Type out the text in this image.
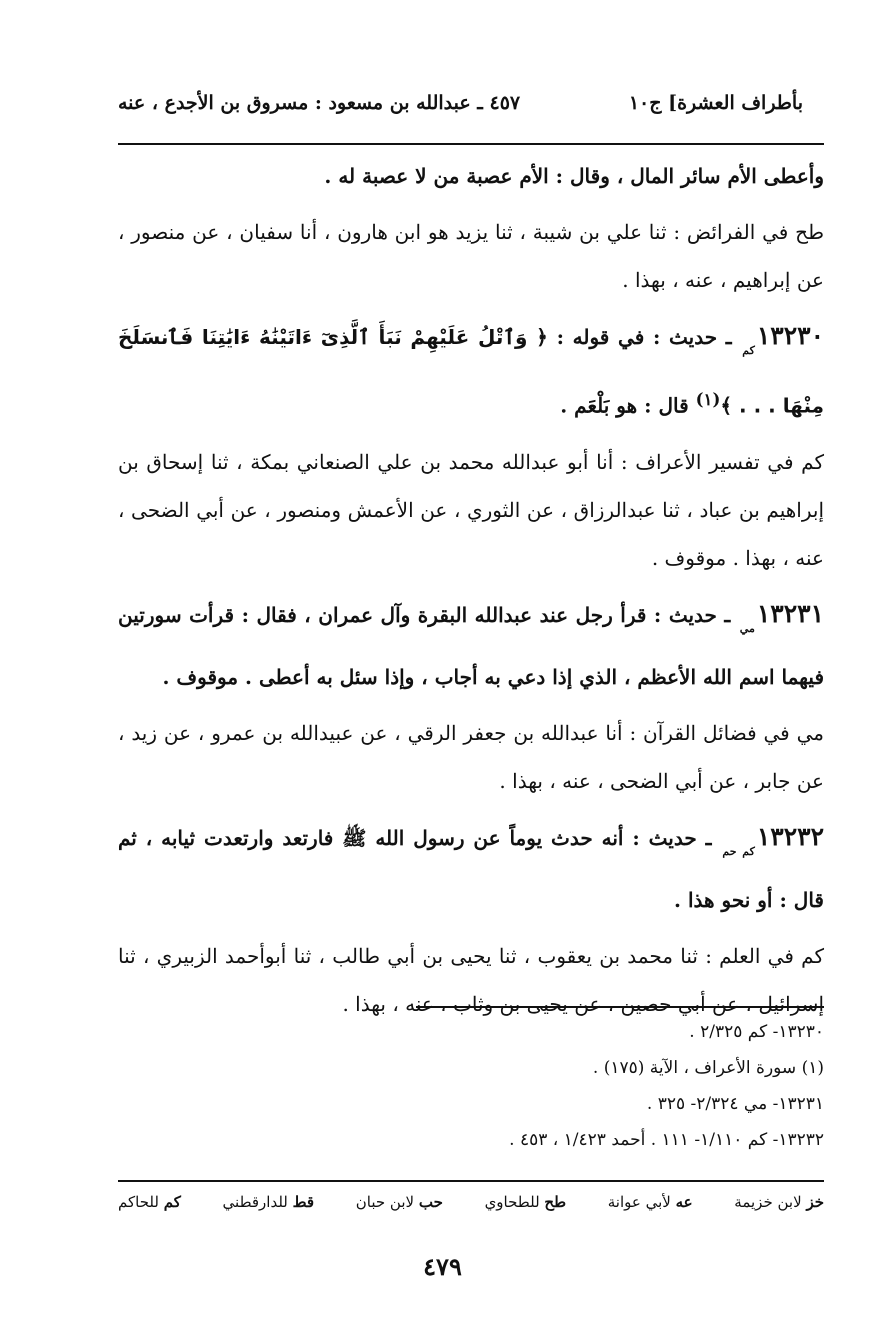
بأطراف العشرة] ج١٠
٤٥٧ ـ عبدالله بن مسعود : مسروق بن الأجدع ، عنه

وأعطى الأم سائر المال ، وقال : الأم عصبة من لا عصبة له .

طح في الفرائض : ثنا علي بن شيبة ، ثنا يزيد هو ابن هارون ، أنا سفيان ، عن منصور ، عن إبراهيم ، عنه ، بهذا .

$١٣٢٣٠_{كم}$ ـ حديث : في قوله : ﴿ وَٱتْلُ عَلَيْهِمْ نَبَأَ ٱلَّذِىٓ ءَاتَيْنَٰهُ ءَايَٰتِنَا فَٱنسَلَخَ مِنْهَا . . . ﴾$^{(١)}$ قال : هو بَلْعَم .

كم في تفسير الأعراف : أنا أبو عبدالله محمد بن علي الصنعاني بمكة ، ثنا إسحاق بن إبراهيم بن عباد ، ثنا عبدالرزاق ، عن الثوري ، عن الأعمش ومنصور ، عن أبي الضحى ، عنه ، بهذا . موقوف .

$١٣٢٣١_{مي}$ ـ حديث : قرأ رجل عند عبدالله البقرة وآل عمران ، فقال : قرأت سورتين فيهما اسم الله الأعظم ، الذي إذا دعي به أجاب ، وإذا سئل به أعطى . موقوف .

مي في فضائل القرآن : أنا عبدالله بن جعفر الرقي ، عن عبيدالله بن عمرو ، عن زيد ، عن جابر ، عن أبي الضحى ، عنه ، بهذا .

$١٣٢٣٢_{كم حم}$ ـ حديث : أنه حدث يوماً عن رسول الله ﷺ فارتعد وارتعدت ثيابه ، ثم قال : أو نحو هذا .

كم في العلم : ثنا محمد بن يعقوب ، ثنا يحيى بن أبي طالب ، ثنا أبوأحمد الزبيري ، ثنا إسرائيل ، عن أبي حصين ، عن يحيى بن وثاب ، عنه ، بهذا .

١٣٢٣٠- كم ٢/٣٢٥ .
(١) سورة الأعراف ، الآية (١٧٥) .
١٣٢٣١- مي ٢/٣٢٤- ٣٢٥ .
١٣٢٣٢- كم ١/١١٠- ١١١ . أحمد ١/٤٢٣ ، ٤٥٣ .
خز لابن خزيمة
عه لأبي عوانة
طح للطحاوي
حب لابن حبان
قط للدارقطني
كم للحاكم
٤٧٩
